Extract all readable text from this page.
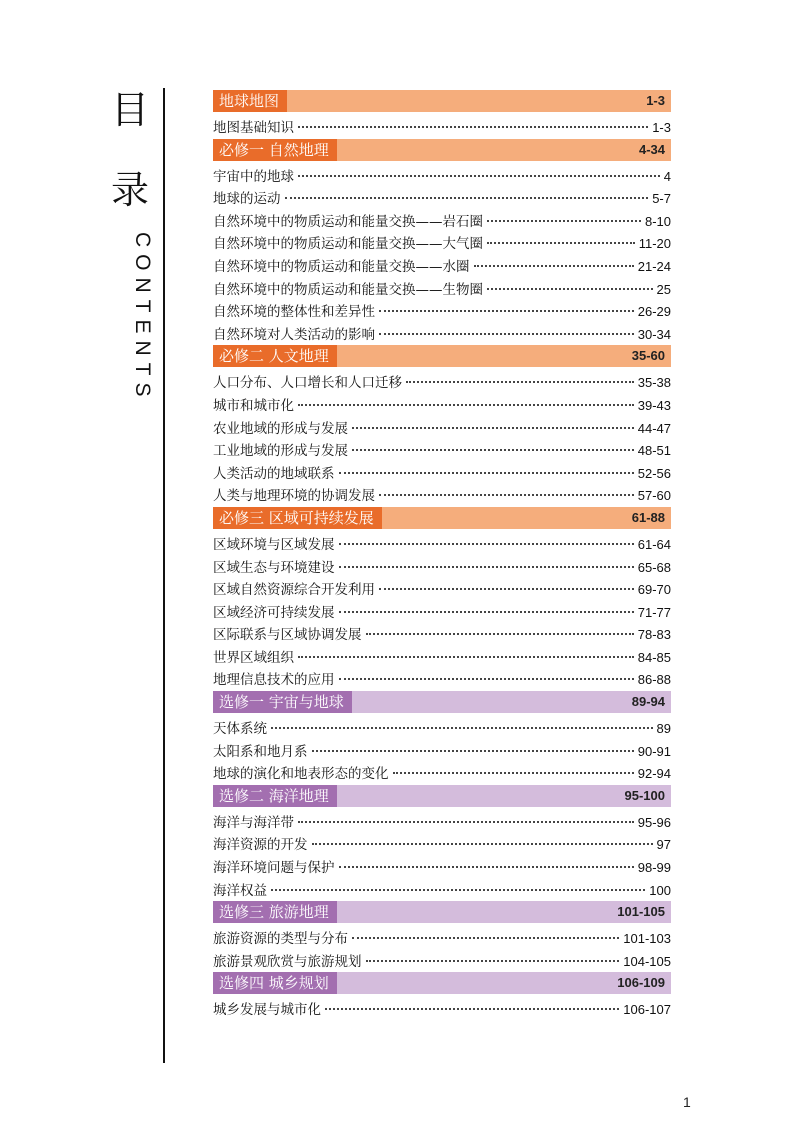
目
录
CONTENTS
地球地图	1-3
地图基础知识	1-3
必修一 自然地理	4-34
宇宙中的地球	4
地球的运动	5-7
自然环境中的物质运动和能量交换——岩石圈	8-10
自然环境中的物质运动和能量交换——大气圈	11-20
自然环境中的物质运动和能量交换——水圈	21-24
自然环境中的物质运动和能量交换——生物圈	25
自然环境的整体性和差异性	26-29
自然环境对人类活动的影响	30-34
必修二 人文地理	35-60
人口分布、人口增长和人口迁移	35-38
城市和城市化	39-43
农业地域的形成与发展	44-47
工业地域的形成与发展	48-51
人类活动的地域联系	52-56
人类与地理环境的协调发展	57-60
必修三 区域可持续发展	61-88
区域环境与区域发展	61-64
区域生态与环境建设	65-68
区域自然资源综合开发利用	69-70
区域经济可持续发展	71-77
区际联系与区域协调发展	78-83
世界区域组织	84-85
地理信息技术的应用	86-88
选修一 宇宙与地球	89-94
天体系统	89
太阳系和地月系	90-91
地球的演化和地表形态的变化	92-94
选修二 海洋地理	95-100
海洋与海洋带	95-96
海洋资源的开发	97
海洋环境问题与保护	98-99
海洋权益	100
选修三 旅游地理	101-105
旅游资源的类型与分布	101-103
旅游景观欣赏与旅游规划	104-105
选修四 城乡规划	106-109
城乡发展与城市化	106-107
1
